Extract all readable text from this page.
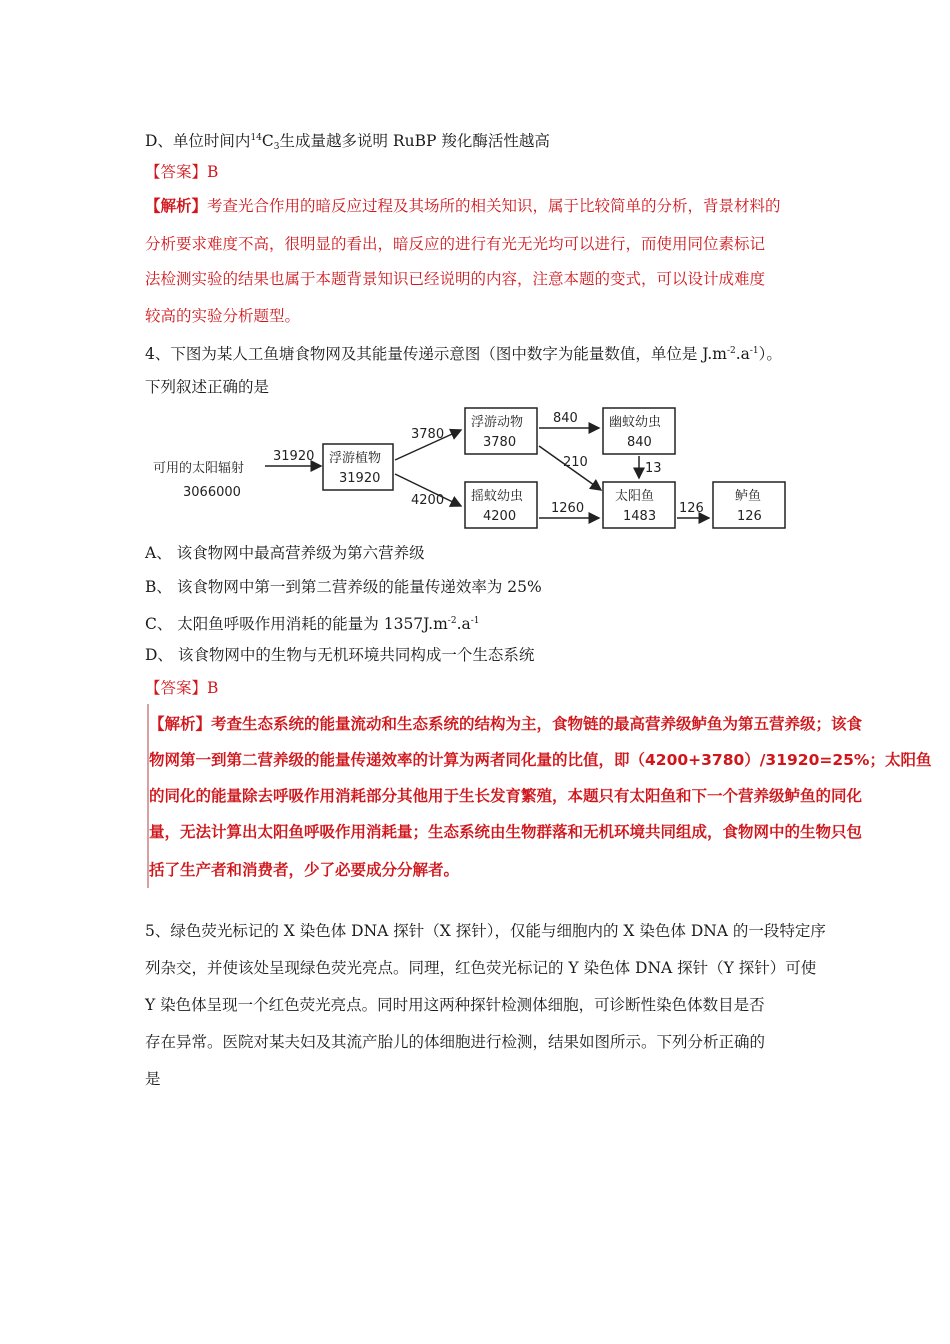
D、单位时间内$^{14}C_3$生成量越多说明 RuBP 羧化酶活性越高
【答案】B
【解析】考查光合作用的暗反应过程及其场所的相关知识，属于比较简单的分析，背景材料的
分析要求难度不高，很明显的看出，暗反应的进行有光无光均可以进行，而使用同位素标记
法检测实验的结果也属于本题背景知识已经说明的内容，注意本题的变式，可以设计成难度
较高的实验分析题型。
4、下图为某人工鱼塘食物网及其能量传递示意图（图中数字为能量数值，单位是 $J.m^{-2}.a^{-1}$）。
下列叙述正确的是
可用的太阳辐射
3066000
31920 浮游植物
31920
3780
4200
浮游动物
3780
摇蚊幼虫
4200
840
210
1260
幽蚊幼虫
840
13
太阳鱼
1483
126
鲈鱼
126
A、 该食物网中最高营养级为第六营养级
B、 该食物网中第一到第二营养级的能量传递效率为 25%
C、 太阳鱼呼吸作用消耗的能量为 $1357J.m^{-2}.a^{-1}$
D、 该食物网中的生物与无机环境共同构成一个生态系统
【答案】B
【解析】考查生态系统的能量流动和生态系统的结构为主，食物链的最高营养级鲈鱼为第五营养级；该食
物网第一到第二营养级的能量传递效率的计算为两者同化量的比值，即（4200+3780）/31920=25%；太阳鱼
的同化的能量除去呼吸作用消耗部分其他用于生长发育繁殖，本题只有太阳鱼和下一个营养级鲈鱼的同化
量，无法计算出太阳鱼呼吸作用消耗量；生态系统由生物群落和无机环境共同组成，食物网中的生物只包
括了生产者和消费者，少了必要成分分解者。
5、绿色荧光标记的 X 染色体 DNA 探针（X 探针），仅能与细胞内的 X 染色体 DNA 的一段特定序
列杂交，并使该处呈现绿色荧光亮点。同理，红色荧光标记的 Y 染色体 DNA 探针（Y 探针）可使
Y 染色体呈现一个红色荧光亮点。同时用这两种探针检测体细胞，可诊断性染色体数目是否
存在异常。医院对某夫妇及其流产胎儿的体细胞进行检测，结果如图所示。下列分析正确的
是
